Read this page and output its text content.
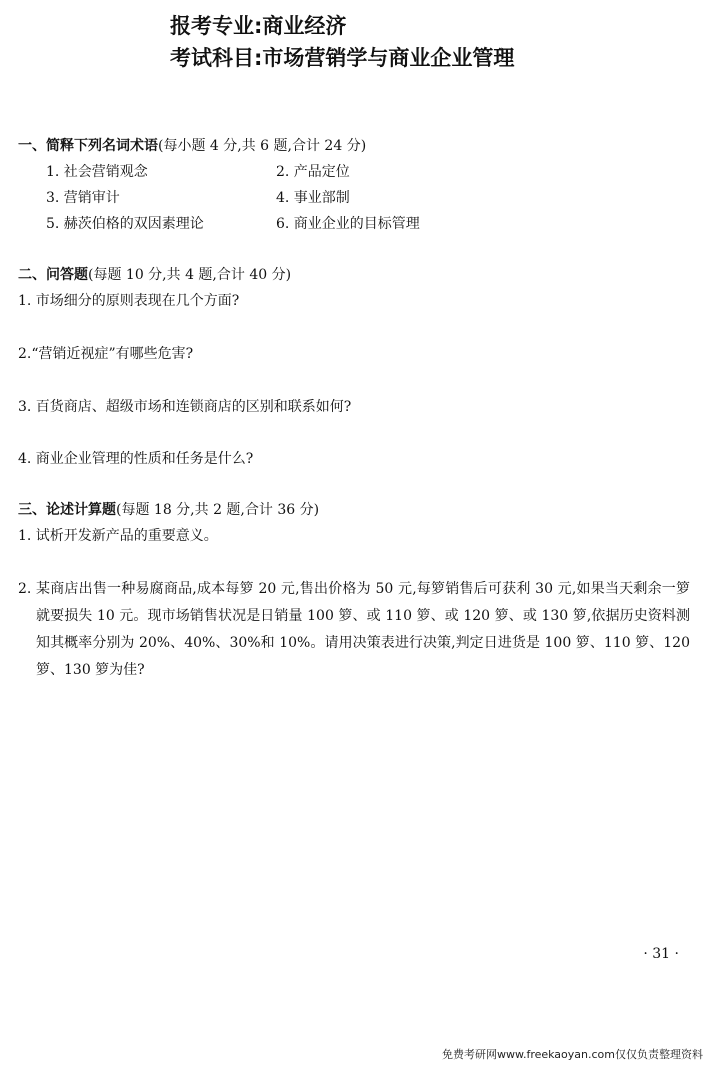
报考专业:商业经济
考试科目:市场营销学与商业企业管理
一、简释下列名词术语(每小题 4 分,共 6 题,合计 24 分)
1. 社会营销观念	2. 产品定位
3. 营销审计	4. 事业部制
5. 赫茨伯格的双因素理论	6. 商业企业的目标管理
二、问答题(每题 10 分,共 4 题,合计 40 分)
1. 市场细分的原则表现在几个方面?
2.“营销近视症”有哪些危害?
3. 百货商店、超级市场和连锁商店的区别和联系如何?
4. 商业企业管理的性质和任务是什么?
三、论述计算题(每题 18 分,共 2 题,合计 36 分)
1. 试析开发新产品的重要意义。
2. 某商店出售一种易腐商品,成本每箩 20 元,售出价格为 50 元,每箩销售后可获利 30 元,如果当天剩余一箩就要损失 10 元。现市场销售状况是日销量 100 箩、或 110 箩、或 120 箩、或 130 箩,依据历史资料测知其概率分别为 20%、40%、30%和 10%。请用决策表进行决策,判定日进货是 100 箩、110 箩、120 箩、130 箩为佳?
· 31 ·
免费考研网www.freekaoyan.com仅仅负责整理资料
